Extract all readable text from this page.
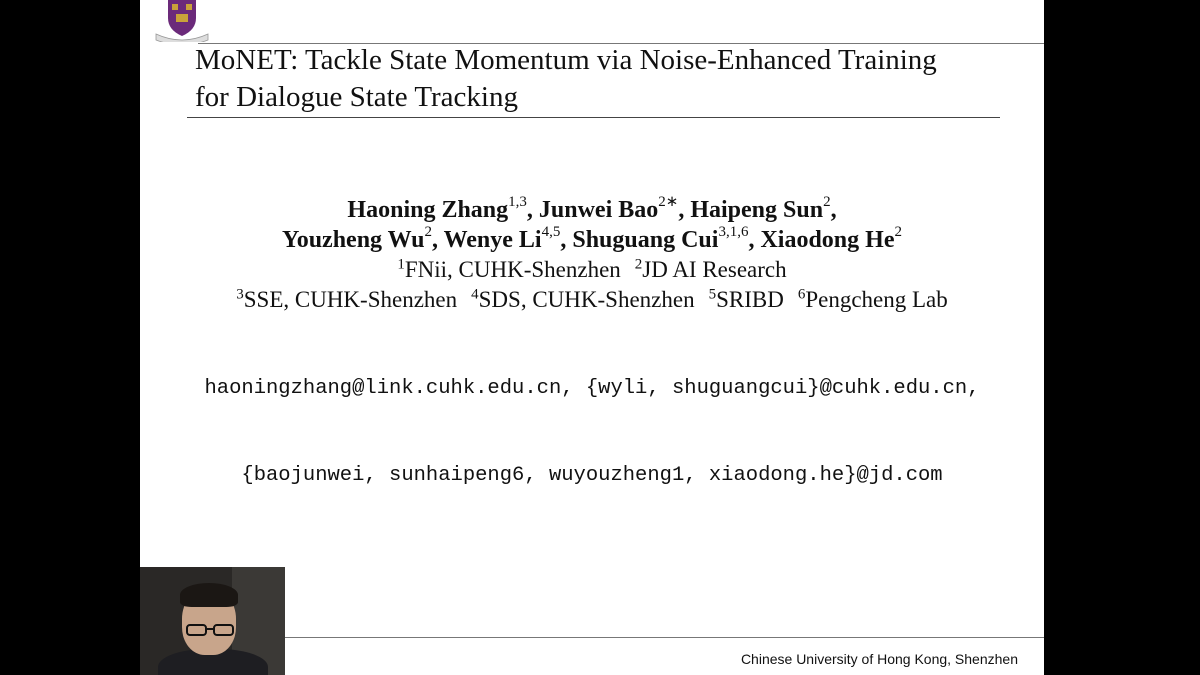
MoNET: Tackle State Momentum via Noise-Enhanced Training
for Dialogue State Tracking
Haoning Zhang$^{1,3}$, Junwei Bao$^{2∗}$, Haipeng Sun$^2$,
Youzheng Wu$^2$, Wenye Li$^{4,5}$, Shuguang Cui$^{3,1,6}$, Xiaodong He$^2$
$^1$FNii, CUHK-Shenzhen $^2$JD AI Research
$^3$SSE, CUHK-Shenzhen $^4$SDS, CUHK-Shenzhen $^5$SRIBD $^6$Pengcheng Lab

haoningzhang@link.cuhk.edu.cn, {wyli, shuguangcui}@cuhk.edu.cn,

{baojunwei, sunhaipeng6, wuyouzheng1, xiaodong.he}@jd.com

Chinese University of Hong Kong, Shenzhen
